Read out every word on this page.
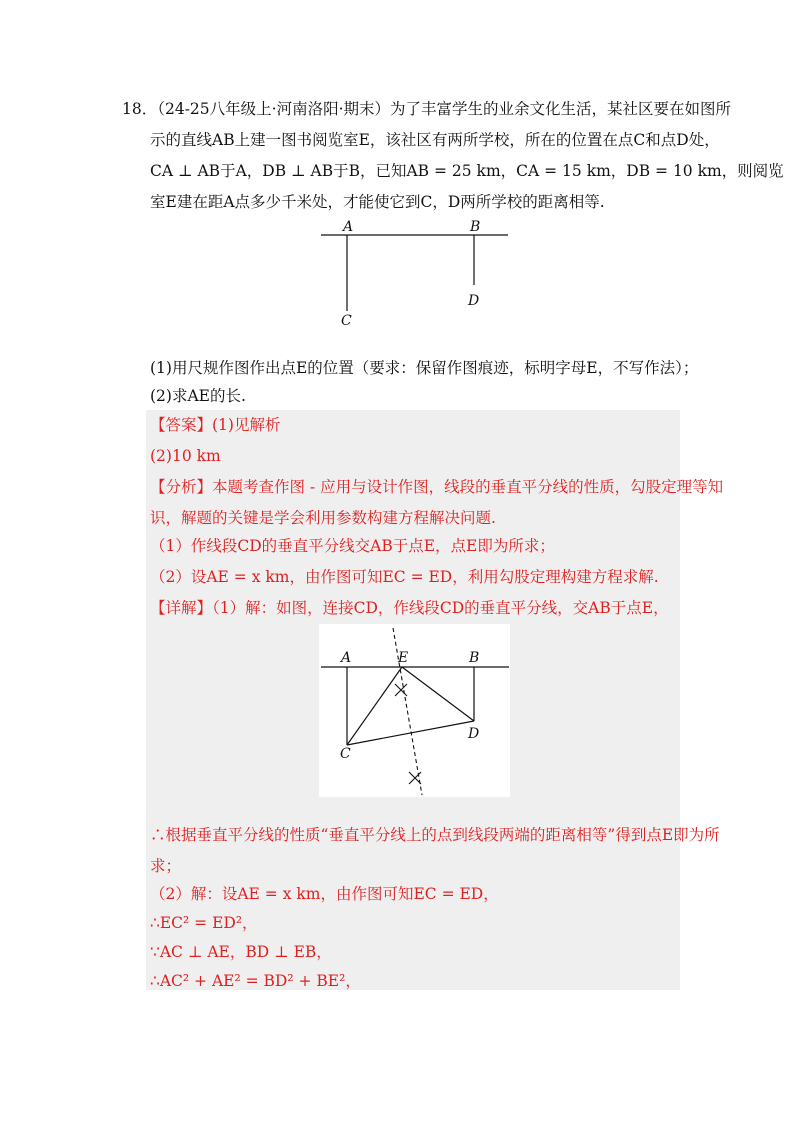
18．（24-25八年级上·河南洛阳·期末）为了丰富学生的业余文化生活，某社区要在如图所
示的直线AB上建一图书阅览室E，该社区有两所学校，所在的位置在点C和点D处，
CA ⊥ AB于A，DB ⊥ AB于B，已知AB = 25 km，CA = 15 km，DB = 10 km，则阅览
室E建在距A点多少千米处，才能使它到C，D两所学校的距离相等.
A	B
C
D
(1)用尺规作图作出点E的位置（要求：保留作图痕迹，标明字母E，不写作法）；
(2)求AE的长.
【答案】(1)见解析
(2)10 km
【分析】本题考查作图 - 应用与设计作图，线段的垂直平分线的性质，勾股定理等知
识，解题的关键是学会利用参数构建方程解决问题.
（1）作线段CD的垂直平分线交AB于点E，点E即为所求；
（2）设AE = x km，由作图可知EC = ED，利用勾股定理构建方程求解.
【详解】（1）解：如图，连接CD，作线段CD的垂直平分线，交AB于点E，
A	E	B
C
D
∴根据垂直平分线的性质“垂直平分线上的点到线段两端的距离相等”得到点E即为所
求；
（2）解：设AE = x km，由作图可知EC = ED，
∴EC² = ED²，
∵AC ⊥ AE，BD ⊥ EB，
∴AC² + AE² = BD² + BE²，
